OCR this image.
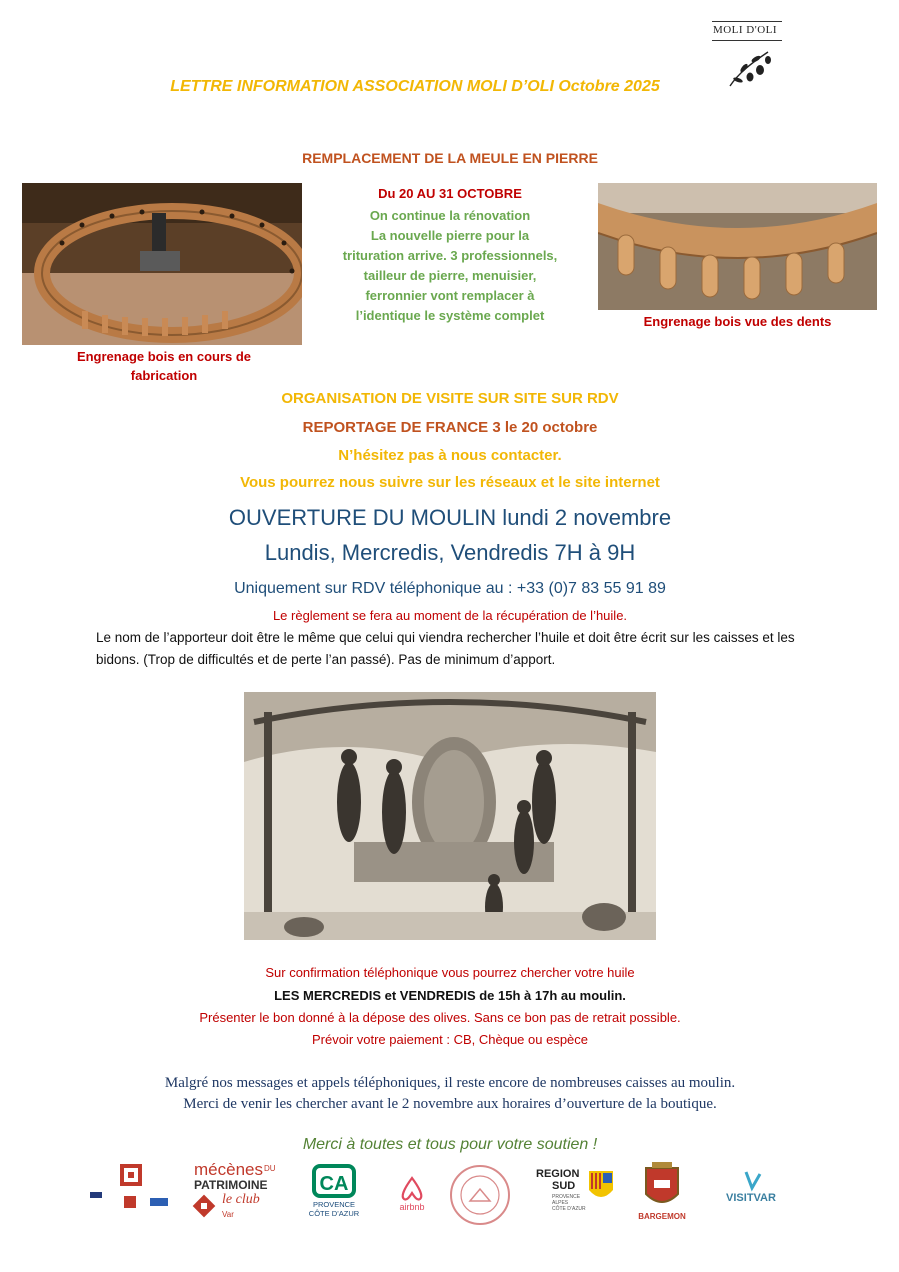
MOLI D'OLI
LETTRE INFORMATION ASSOCIATION MOLI D’OLI Octobre 2025
REMPLACEMENT DE LA MEULE EN PIERRE
Engrenage bois en cours de
fabrication
Du 20 AU 31 OCTOBRE
On continue la rénovation
La nouvelle pierre pour la
trituration arrive. 3 professionnels,
tailleur de pierre, menuisier,
ferronnier vont remplacer à
l’identique le système complet	Engrenage bois vue des dents
ORGANISATION DE VISITE SUR SITE SUR RDV
REPORTAGE DE FRANCE 3 le 20 octobre
N’hésitez pas à nous contacter.
Vous pourrez nous suivre sur les réseaux et le site internet
OUVERTURE DU MOULIN lundi 2 novembre
Lundis, Mercredis, Vendredis 7H à 9H
Uniquement sur RDV téléphonique au : +33 (0)7 83 55 91 89
Le règlement se fera au moment de la récupération de l’huile.
Le nom de l’apporteur doit être le même que celui qui viendra rechercher l’huile et doit être écrit sur les caisses et les bidons. (Trop de difficultés et de perte l’an passé). Pas de minimum d’apport.
Sur confirmation téléphonique vous pourrez chercher votre huile
LES MERCREDIS et VENDREDIS de 15h à 17h au moulin.
Présenter le bon donné à la dépose des olives. Sans ce bon pas de retrait possible.
Prévoir votre paiement : CB, Chèque ou espèce
Malgré nos messages et appels téléphoniques, il reste encore de nombreuses caisses au moulin.
Merci de venir les chercher avant le 2 novembre aux horaires d’ouverture de la boutique.
Merci à toutes et tous pour votre soutien !
mécènes DU
PATRIMOINE
le club
Var
CA
PROVENCE
CÔTE D’AZUR
airbnb
REGION
SUD
PROVENCE
ALPES
CÔTE D’AZUR
BARGEMON
VISITVAR
